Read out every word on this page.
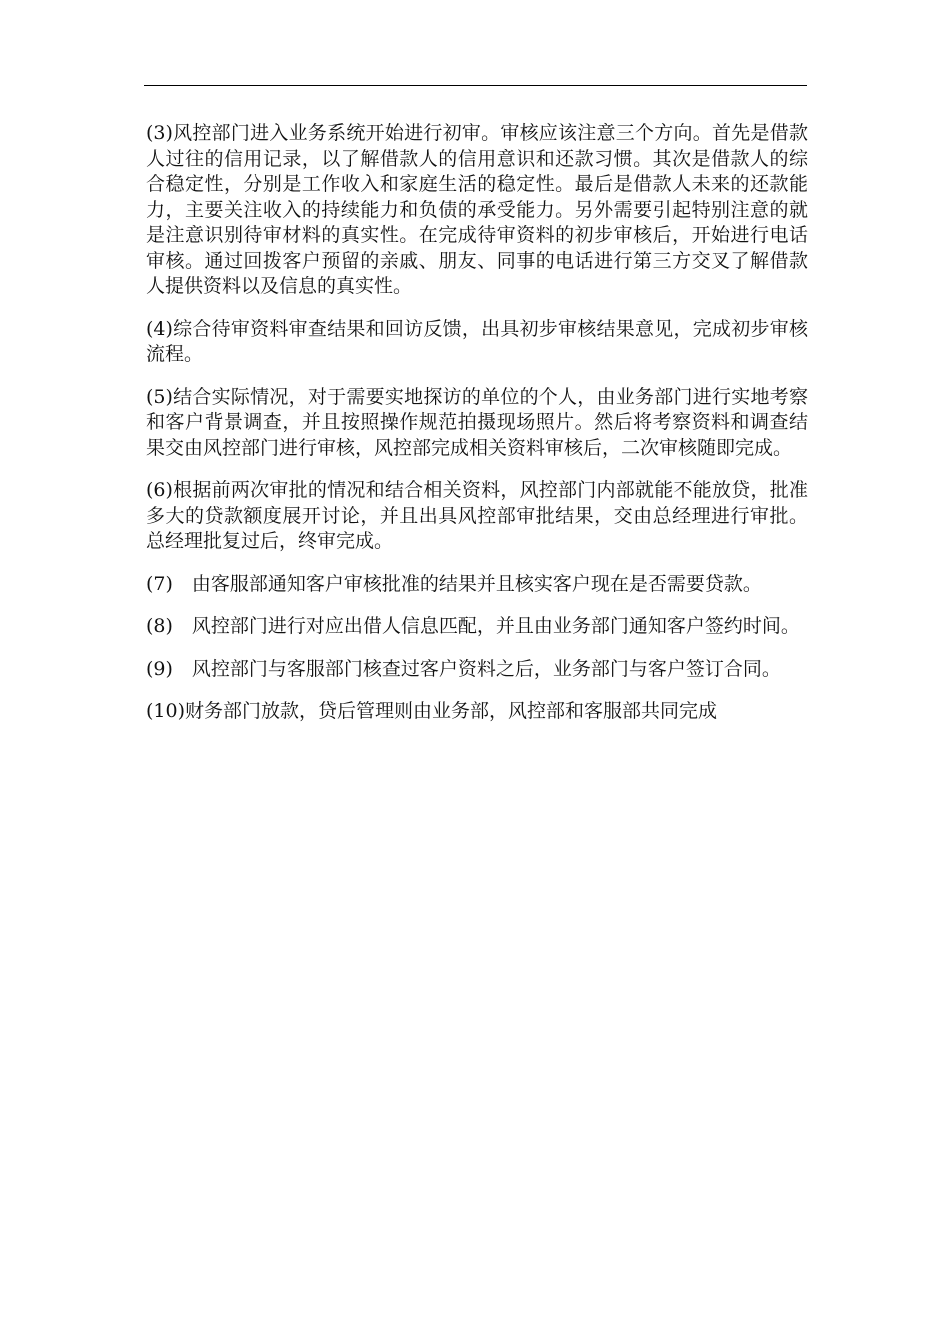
(3)风控部门进入业务系统开始进行初审。审核应该注意三个方向。首先是借款人过往的信用记录，以了解借款人的信用意识和还款习惯。其次是借款人的综合稳定性，分别是工作收入和家庭生活的稳定性。最后是借款人未来的还款能力，主要关注收入的持续能力和负债的承受能力。另外需要引起特别注意的就是注意识别待审材料的真实性。在完成待审资料的初步审核后，开始进行电话审核。通过回拨客户预留的亲戚、朋友、同事的电话进行第三方交叉了解借款人提供资料以及信息的真实性。

(4)综合待审资料审查结果和回访反馈，出具初步审核结果意见，完成初步审核流程。

(5)结合实际情况，对于需要实地探访的单位的个人，由业务部门进行实地考察和客户背景调查，并且按照操作规范拍摄现场照片。然后将考察资料和调查结果交由风控部门进行审核，风控部完成相关资料审核后，二次审核随即完成。

(6)根据前两次审批的情况和结合相关资料，风控部门内部就能不能放贷，批准多大的贷款额度展开讨论，并且出具风控部审批结果，交由总经理进行审批。总经理批复过后，终审完成。

(7)　由客服部通知客户审核批准的结果并且核实客户现在是否需要贷款。

(8)　风控部门进行对应出借人信息匹配，并且由业务部门通知客户签约时间。

(9)　风控部门与客服部门核查过客户资料之后，业务部门与客户签订合同。

(10)财务部门放款，贷后管理则由业务部，风控部和客服部共同完成
